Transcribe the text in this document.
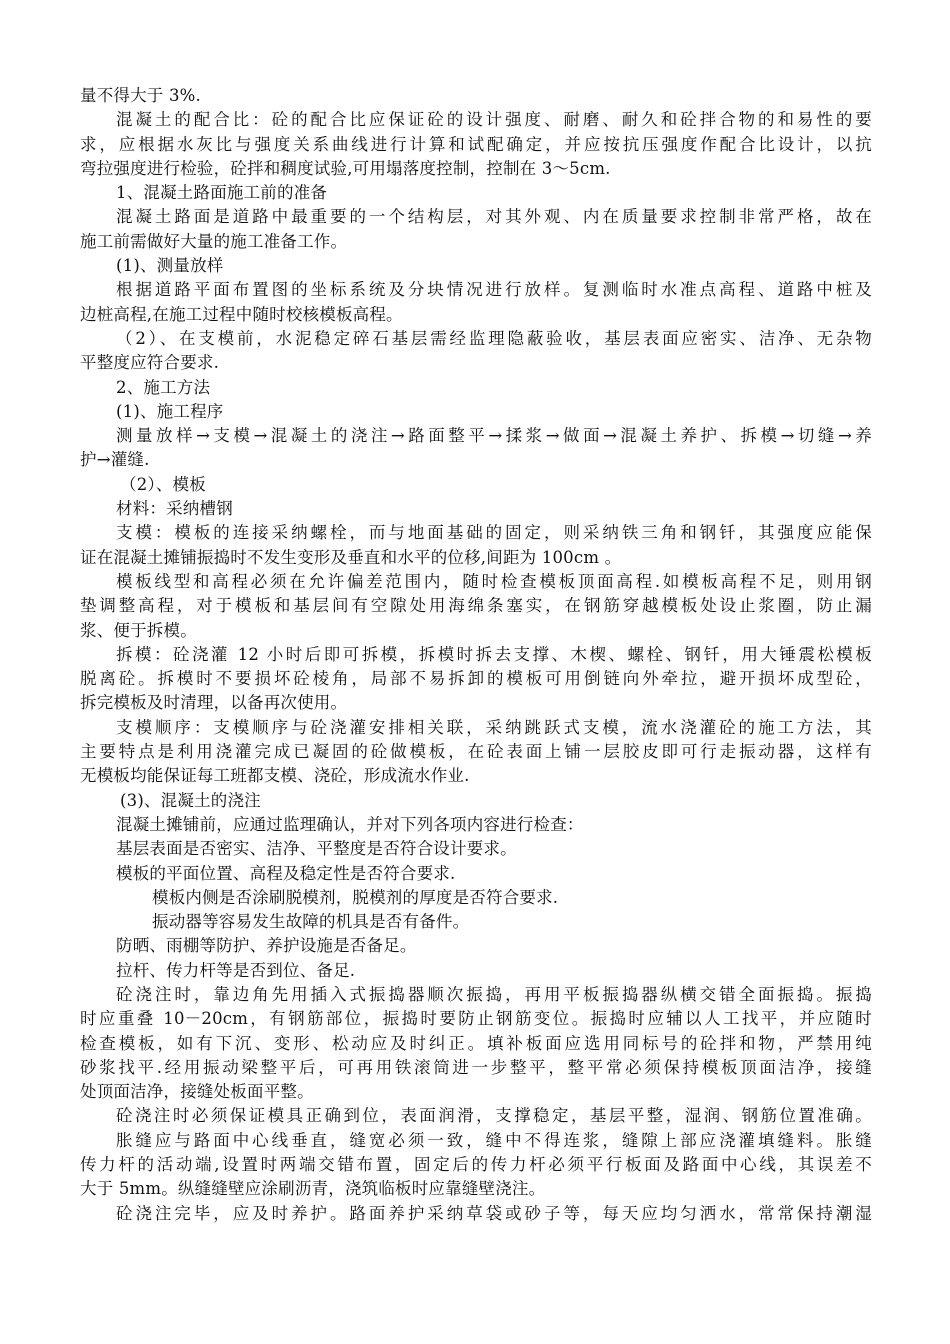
量不得大于 3%.

混凝土的配合比：砼的配合比应保证砼的设计强度、耐磨、耐久和砼拌合物的和易性的要

求，应根据水灰比与强度关系曲线进行计算和试配确定，并应按抗压强度作配合比设计，以抗

弯拉强度进行检验，砼拌和稠度试验,可用塌落度控制，控制在 3～5cm.

1、混凝土路面施工前的准备

混凝土路面是道路中最重要的一个结构层，对其外观、内在质量要求控制非常严格，故在

施工前需做好大量的施工准备工作。

(1)、测量放样

根据道路平面布置图的坐标系统及分块情况进行放样。复测临时水准点高程、道路中桩及

边桩高程,在施工过程中随时校核模板高程。

（2）、在支模前，水泥稳定碎石基层需经监理隐蔽验收，基层表面应密实、洁净、无杂物

平整度应符合要求.

2、施工方法

(1)、施工程序

测量放样→支模→混凝土的浇注→路面整平→揉浆→做面→混凝土养护、拆模→切缝→养

护→灌缝.

（2）、模板

材料：采纳槽钢

支模：模板的连接采纳螺栓，而与地面基础的固定，则采纳铁三角和钢钎，其强度应能保

证在混凝土摊铺振捣时不发生变形及垂直和水平的位移,间距为 100cm 。

模板线型和高程必须在允许偏差范围内，随时检查模板顶面高程.如模板高程不足，则用钢

垫调整高程，对于模板和基层间有空隙处用海绵条塞实，在钢筋穿越模板处设止浆圈，防止漏

浆、便于拆模。

拆模：砼浇灌 12 小时后即可拆模，拆模时拆去支撑、木楔、螺栓、钢钎，用大锤震松模板

脱离砼。拆模时不要损坏砼棱角，局部不易拆卸的模板可用倒链向外牵拉，避开损坏成型砼，

拆完模板及时清理，以备再次使用。

支模顺序：支模顺序与砼浇灌安排相关联，采纳跳跃式支模，流水浇灌砼的施工方法，其

主要特点是利用浇灌完成已凝固的砼做模板，在砼表面上铺一层胶皮即可行走振动器，这样有

无模板均能保证每工班都支模、浇砼，形成流水作业.

(3)、混凝土的浇注

混凝土摊铺前，应通过监理确认，并对下列各项内容进行检查：

基层表面是否密实、洁净、平整度是否符合设计要求。

模板的平面位置、高程及稳定性是否符合要求.

模板内侧是否涂刷脱模剂，脱模剂的厚度是否符合要求.

振动器等容易发生故障的机具是否有备件。

防晒、雨棚等防护、养护设施是否备足。

拉杆、传力杆等是否到位、备足.

砼浇注时，靠边角先用插入式振捣器顺次振捣，再用平板振捣器纵横交错全面振捣。振捣

时应重叠 10－20cm，有钢筋部位，振捣时要防止钢筋变位。振捣时应辅以人工找平，并应随时

检查模板，如有下沉、变形、松动应及时纠正。填补板面应选用同标号的砼拌和物，严禁用纯

砂浆找平.经用振动梁整平后，可再用铁滚筒进一步整平，整平常必须保持模板顶面洁净，接缝

处顶面洁净，接缝处板面平整。

砼浇注时必须保证模具正确到位，表面润滑，支撑稳定，基层平整，湿润、钢筋位置准确。

胀缝应与路面中心线垂直，缝宽必须一致，缝中不得连浆，缝隙上部应浇灌填缝料。胀缝

传力杆的活动端,设置时两端交错布置，固定后的传力杆必须平行板面及路面中心线，其误差不

大于 5mm。纵缝缝壁应涂刷沥青，浇筑临板时应靠缝壁浇注。

砼浇注完毕，应及时养护。路面养护采纳草袋或砂子等，每天应均匀洒水，常常保持潮湿
